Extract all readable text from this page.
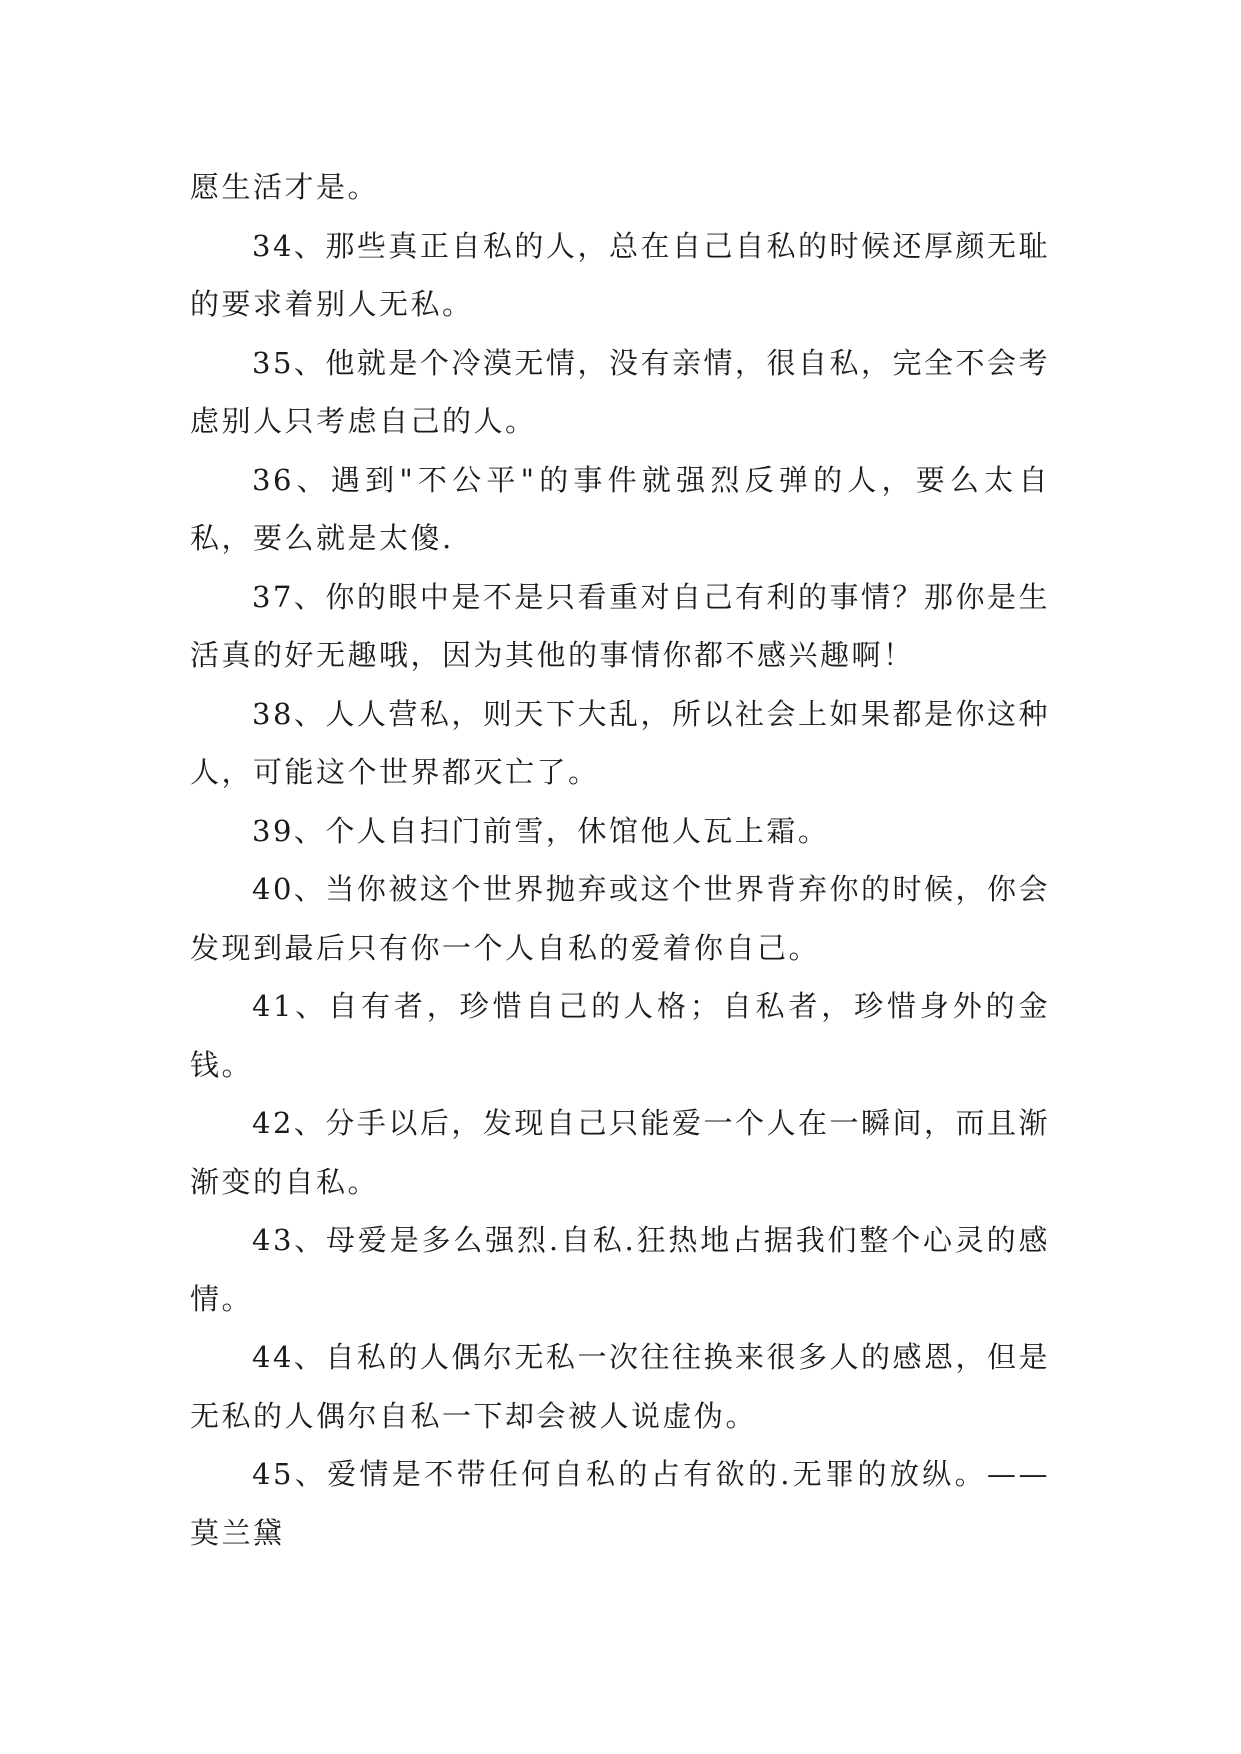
愿生活才是。

34、那些真正自私的人，总在自己自私的时候还厚颜无耻的要求着别人无私。

35、他就是个冷漠无情，没有亲情，很自私，完全不会考虑别人只考虑自己的人。

36、遇到"不公平"的事件就强烈反弹的人，要么太自私，要么就是太傻.

37、你的眼中是不是只看重对自己有利的事情？那你是生活真的好无趣哦，因为其他的事情你都不感兴趣啊！

38、人人营私，则天下大乱，所以社会上如果都是你这种人，可能这个世界都灭亡了。

39、个人自扫门前雪，休馆他人瓦上霜。

40、当你被这个世界抛弃或这个世界背弃你的时候，你会发现到最后只有你一个人自私的爱着你自己。

41、自有者，珍惜自己的人格；自私者，珍惜身外的金钱。

42、分手以后，发现自己只能爱一个人在一瞬间，而且渐渐变的自私。

43、母爱是多么强烈.自私.狂热地占据我们整个心灵的感情。

44、自私的人偶尔无私一次往往换来很多人的感恩，但是无私的人偶尔自私一下却会被人说虚伪。

45、爱情是不带任何自私的占有欲的.无罪的放纵。——莫兰黛
